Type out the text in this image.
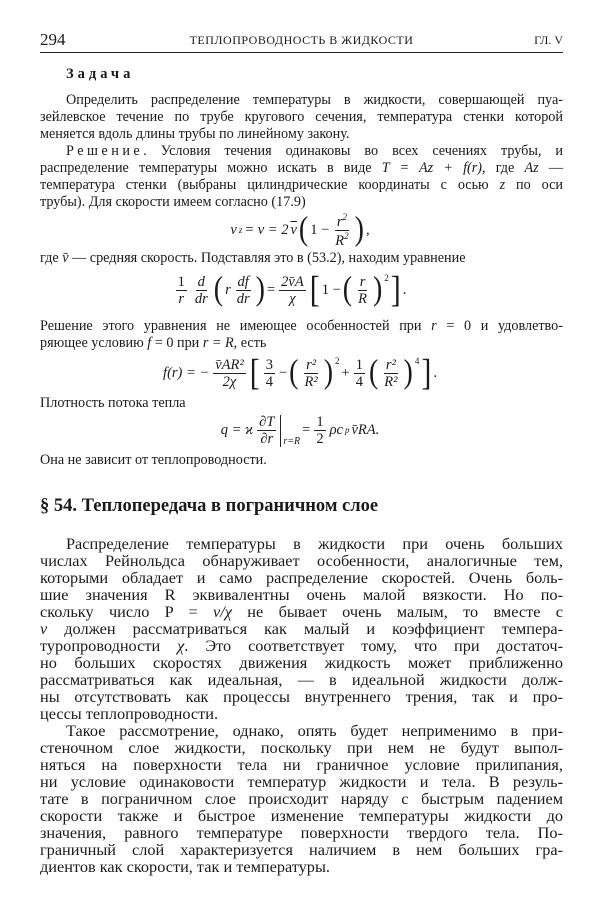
294	ТЕПЛОПРОВОДНОСТЬ В ЖИДКОСТИ	ГЛ. V
Задача
Определить распределение температуры в жидкости, совершающей пуа-
зейлевское течение по трубе кругового сечения, температура стенки которой
меняется вдоль длины трубы по линейному закону.
Решение. Условия течения одинаковы во всех сечениях трубы, и
распределение температуры можно искать в виде T = Az + f(r), где Az —
температура стенки (выбраны цилиндрические координаты с осью z по оси
трубы). Для скорости имеем согласно (17.9)
v z = v = 2 $\overline{v}$ ( $1 - \frac{r^2}{R^2}$ ) ,
где v̄ — средняя скорость. Подставляя это в (53.2), находим уравнение
$\frac{1}{r} \frac{d}{dr}$ ( r $\frac{df}{dr}$ ) = $\frac{2v̄A}{\chi}$ [ 1 − ( $\frac{r}{R} )^2$ ] .
Решение этого уравнения не имеющее особенностей при r = 0 и удовлетво-
ряющее условию f = 0 при r = R, есть
f(r) = − $\frac{\text{v̄AR²}}{2\chi}$ [ $\frac{3}{4}$ − ( $\frac{\text{r²}}{\text{R²}} )^2$
+ $\frac{1}{4}$ ( $\frac{\text{r²}}{\text{R²}} )^4$ ] .
Плотность потока тепла
q = ϰ $\frac{\partial T}{\partial r} r=R$
= $\frac{1}{2}$ ρc p v̄RA.
Она не зависит от теплопроводности.
§ 54. Теплопередача в пограничном слое
Распределение температуры в жидкости при очень больших
числах Рейнольдса обнаруживает особенности, аналогичные тем,
которыми обладает и само распределение скоростей. Очень боль-
шие значения R эквивалентны очень малой вязкости. Но по-
скольку число P = ν/χ не бывает очень малым, то вместе с
ν должен рассматриваться как малый и коэффициент темпера-
туропроводности χ. Это соответствует тому, что при достаточ-
но больших скоростях движения жидкость может приближенно
рассматриваться как идеальная, — в идеальной жидкости долж-
ны отсутствовать как процессы внутреннего трения, так и про-
цессы теплопроводности.
Такое рассмотрение, однако, опять будет неприменимо в при-
стеночном слое жидкости, поскольку при нем не будут выпол-
няться на поверхности тела ни граничное условие прилипания,
ни условие одинаковости температур жидкости и тела. В резуль-
тате в пограничном слое происходит наряду с быстрым падением
скорости также и быстрое изменение температуры жидкости до
значения, равного температуре поверхности твердого тела. По-
граничный слой характеризуется наличием в нем больших гра-
диентов как скорости, так и температуры.
